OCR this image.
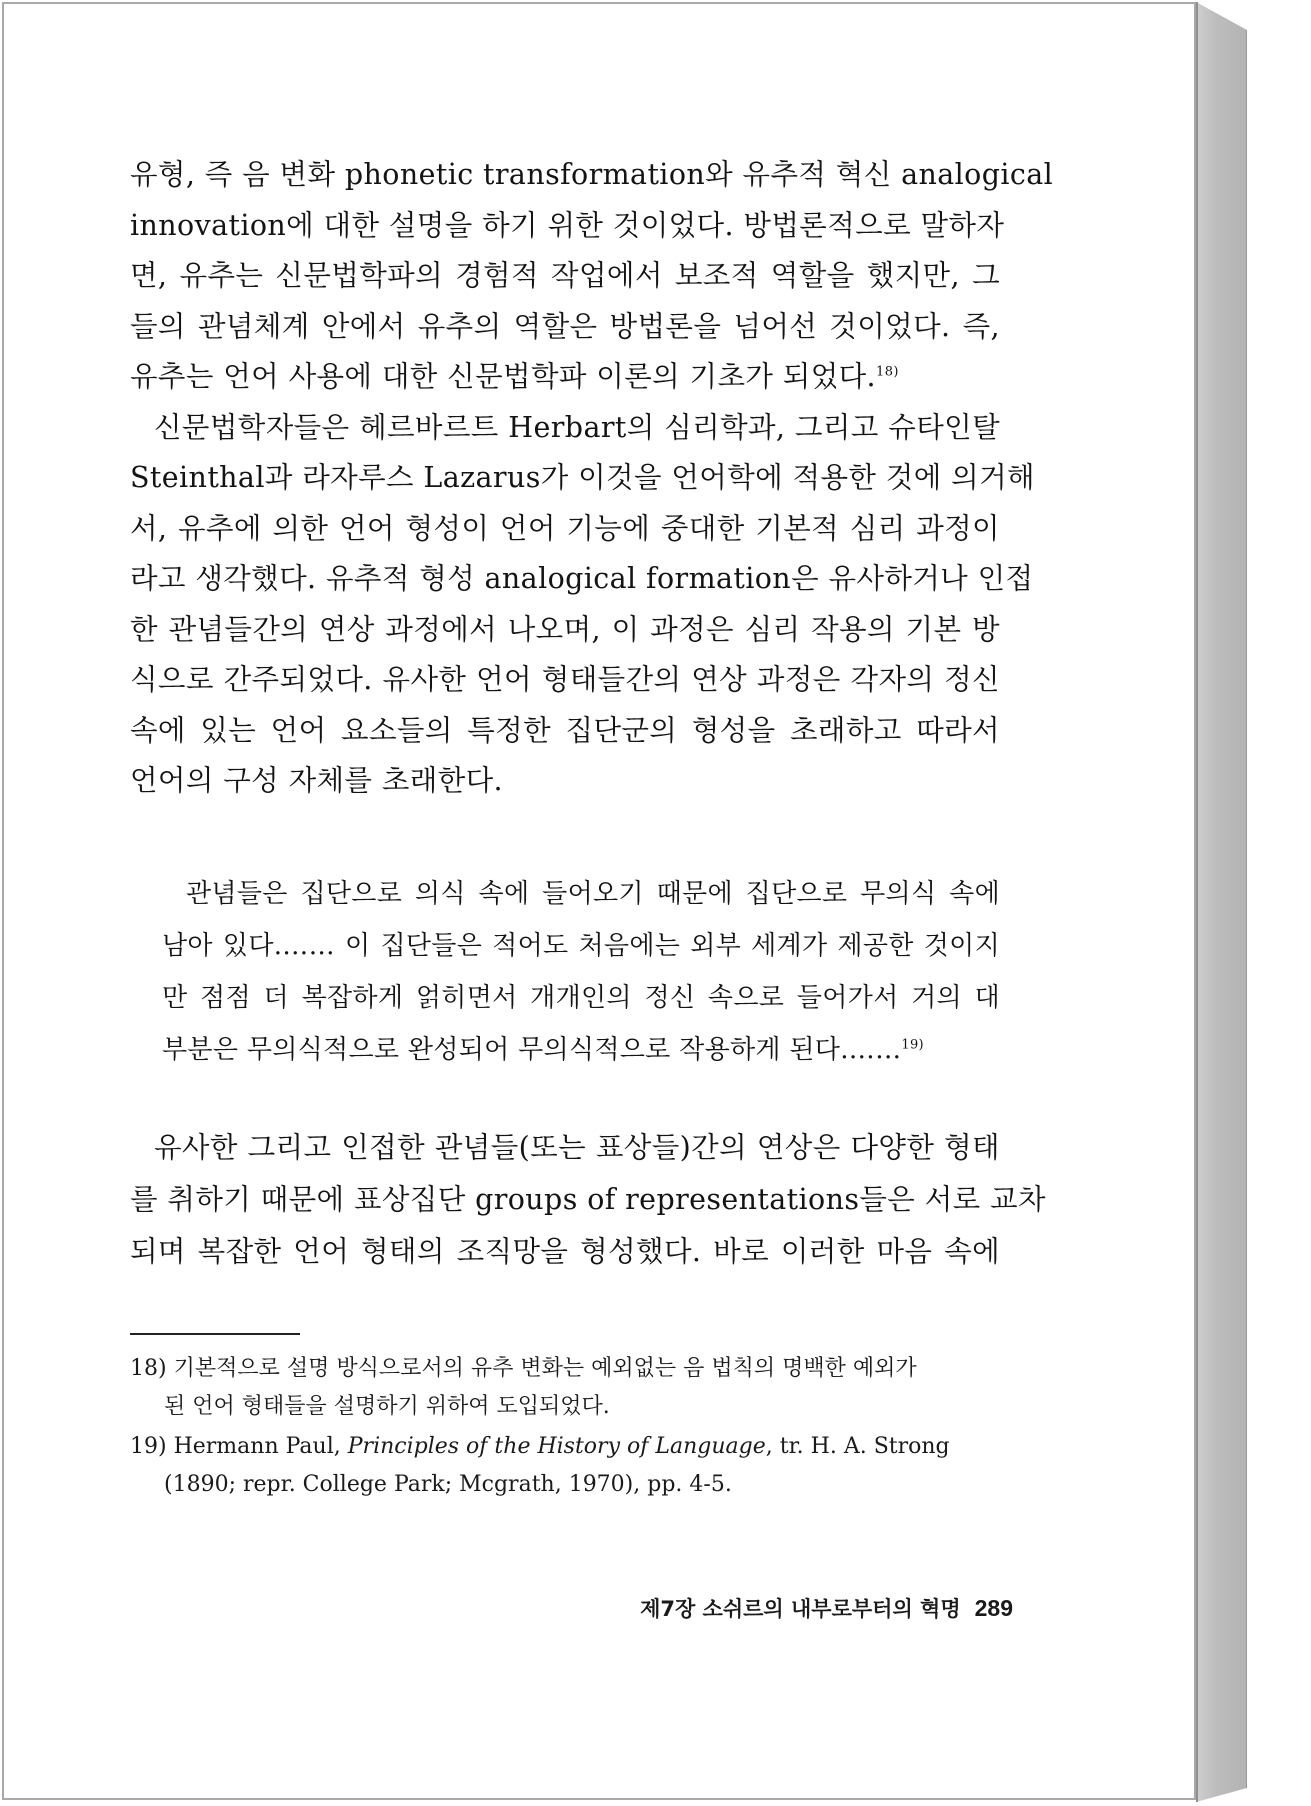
유형, 즉 음 변화 phonetic transformation와 유추적 혁신 analogical
innovation에 대한 설명을 하기 위한 것이었다. 방법론적으로 말하자
면, 유추는 신문법학파의 경험적 작업에서 보조적 역할을 했지만, 그
들의 관념체계 안에서 유추의 역할은 방법론을 넘어선 것이었다. 즉,
유추는 언어 사용에 대한 신문법학파 이론의 기초가 되었다.$^{18)}$
신문법학자들은 헤르바르트 Herbart의 심리학과, 그리고 슈타인탈
Steinthal과 라자루스 Lazarus가 이것을 언어학에 적용한 것에 의거해
서, 유추에 의한 언어 형성이 언어 기능에 중대한 기본적 심리 과정이
라고 생각했다. 유추적 형성 analogical formation은 유사하거나 인접
한 관념들간의 연상 과정에서 나오며, 이 과정은 심리 작용의 기본 방
식으로 간주되었다. 유사한 언어 형태들간의 연상 과정은 각자의 정신
속에 있는 언어 요소들의 특정한 집단군의 형성을 초래하고 따라서
언어의 구성 자체를 초래한다.
관념들은 집단으로 의식 속에 들어오기 때문에 집단으로 무의식 속에
남아 있다.…… 이 집단들은 적어도 처음에는 외부 세계가 제공한 것이지
만 점점 더 복잡하게 얽히면서 개개인의 정신 속으로 들어가서 거의 대
부분은 무의식적으로 완성되어 무의식적으로 작용하게 된다.……$^{19)}$
유사한 그리고 인접한 관념들(또는 표상들)간의 연상은 다양한 형태
를 취하기 때문에 표상집단 groups of representations들은 서로 교차
되며 복잡한 언어 형태의 조직망을 형성했다. 바로 이러한 마음 속에

18) 기본적으로 설명 방식으로서의 유추 변화는 예외없는 음 법칙의 명백한 예외가
된 언어 형태들을 설명하기 위하여 도입되었다.

19) Hermann Paul, Principles of the History of Language, tr. H. A. Strong
(1890; repr. College Park; Mcgrath, 1970), pp. 4-5.

제7장 소쉬르의 내부로부터의 혁명 289
